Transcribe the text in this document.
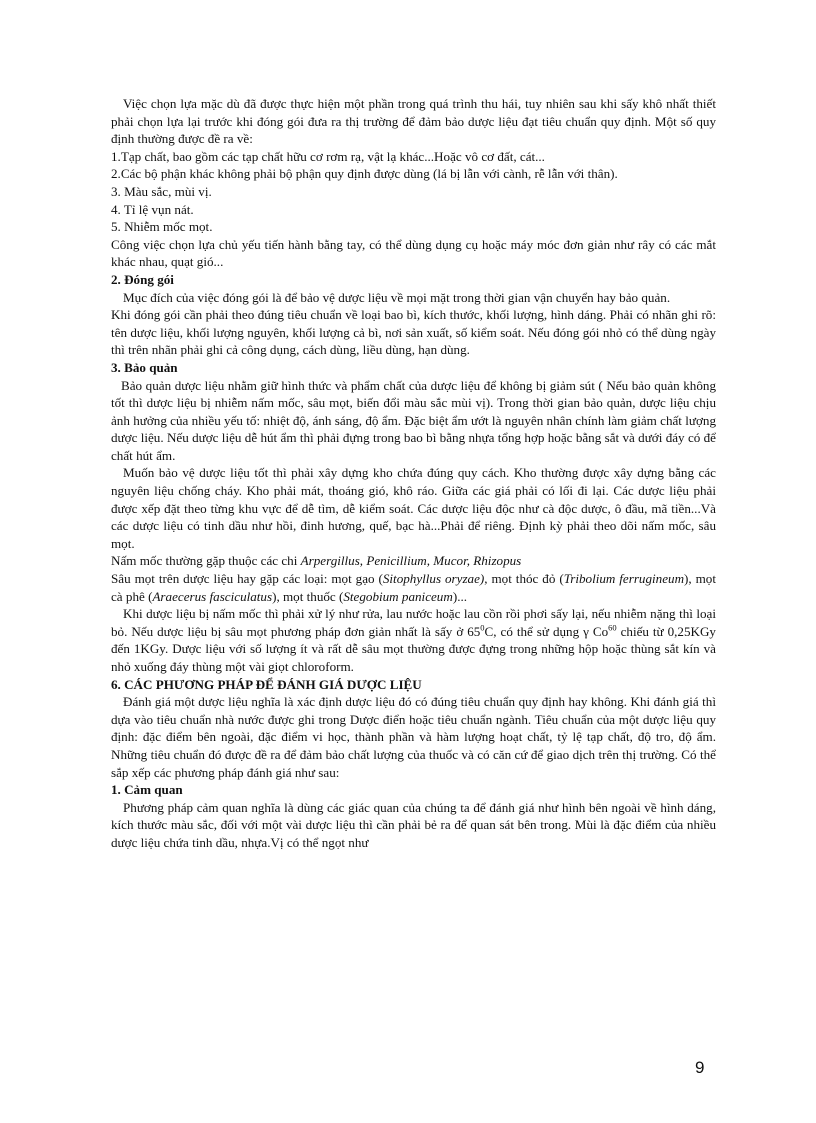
Việc chọn lựa mặc dù đã được thực hiện một phần trong quá trình thu hái, tuy nhiên sau khi sấy khô nhất thiết phải chọn lựa lại trước khi đóng gói đưa ra thị trường để đảm bảo dược liệu đạt tiêu chuẩn quy định. Một số quy định thường được đề ra về:

1.Tạp chất, bao gồm các tạp chất hữu cơ rơm rạ, vật lạ khác...Hoặc vô cơ đất, cát...

2.Các bộ phận khác không phải bộ phận quy định được dùng (lá bị lẫn với cành, rễ lẫn với thân).

3. Màu sắc, mùi vị.

4. Tỉ lệ vụn nát.

5. Nhiễm mốc mọt.

Công việc chọn lựa chủ yếu tiến hành bằng tay, có thể dùng dụng cụ hoặc máy móc đơn giản như rây có các mắt khác nhau, quạt gió...

2. Đóng gói

Mục đích của việc đóng gói là để bảo vệ dược liệu về mọi mặt trong thời gian vận chuyển hay bảo quản.

Khi đóng gói cần phải theo đúng tiêu chuẩn về loại bao bì, kích thước, khối lượng, hình dáng. Phải có nhãn ghi rõ: tên dược liệu, khối lượng nguyên, khối lượng cả bì, nơi sản xuất, số kiểm soát. Nếu đóng gói nhỏ có thể dùng ngày thì trên nhãn phải ghi cả công dụng, cách dùng, liều dùng, hạn dùng.

3. Bảo quản

Bảo quản dược liệu nhằm giữ hình thức và phẩm chất của dược liệu để không bị giảm sút ( Nếu bảo quản không tốt thì dược liệu bị nhiễm nấm mốc, sâu mọt, biến đổi màu sắc mùi vị). Trong thời gian bảo quản, dược liệu chịu ảnh hưởng của nhiều yếu tố: nhiệt độ, ánh sáng, độ ẩm. Đặc biệt ẩm ướt là nguyên nhân chính làm giảm chất lượng dược liệu. Nếu dược liệu dễ hút ẩm thì phải đựng trong bao bì bằng nhựa tổng hợp hoặc bằng sắt và dưới đáy có để chất hút ẩm.

Muốn bảo vệ dược liệu tốt thì phải xây dựng kho chứa đúng quy cách. Kho thường được xây dựng bằng các nguyên liệu chống cháy. Kho phải mát, thoáng gió, khô ráo. Giữa các giá phải có lối đi lại. Các dược liệu phải được xếp đặt theo từng khu vực để dễ tìm, dễ kiểm soát. Các dược liệu độc như cà độc dược, ô đầu, mã tiền...Và các dược liệu có tinh dầu như hồi, đinh hương, quế, bạc hà...Phải để riêng. Định kỳ phải theo dõi nấm mốc, sâu mọt.

Nấm mốc thường gặp thuộc các chi Arpergillus, Penicillium, Mucor, Rhizopus

Sâu mọt trên dược liệu hay gặp các loại: mọt gạo (Sitophyllus oryzae), mọt thóc đỏ (Tribolium ferrugineum), mọt cà phê (Araecerus fasciculatus), mọt thuốc (Stegobium paniceum)...

Khi dược liệu bị nấm mốc thì phải xử lý như rửa, lau nước hoặc lau cồn rồi phơi sấy lại, nếu nhiễm nặng thì loại bỏ. Nếu dược liệu bị sâu mọt phương pháp đơn giản nhất là sấy ở $65^0C$, có thể sử dụng γ Co$^{60}$ chiếu từ 0,25KGy đến 1KGy. Dược liệu với số lượng ít và rất dễ sâu mọt thường được đựng trong những hộp hoặc thùng sắt kín và nhỏ xuống đáy thùng một vài giọt chloroform.

6. CÁC PHƯƠNG PHÁP ĐỂ ĐÁNH GIÁ DƯỢC LIỆU

Đánh giá một dược liệu nghĩa là xác định dược liệu đó có đúng tiêu chuẩn quy định hay không. Khi đánh giá thì dựa vào tiêu chuẩn nhà nước được ghi trong Dược điển hoặc tiêu chuẩn ngành. Tiêu chuẩn của một dược liệu quy định: đặc điểm bên ngoài, đặc điểm vi học, thành phần và hàm lượng hoạt chất, tỷ lệ tạp chất, độ tro, độ ẩm. Những tiêu chuẩn đó được đề ra để đảm bảo chất lượng của thuốc và có căn cứ để giao dịch trên thị trường. Có thể sắp xếp các phương pháp đánh giá như sau:

1. Cảm quan

Phương pháp cảm quan nghĩa là dùng các giác quan của chúng ta để đánh giá như hình bên ngoài về hình dáng, kích thước màu sắc, đối với một vài dược liệu thì cần phải bẻ ra để quan sát bên trong. Mùi là đặc điểm của nhiều dược liệu chứa tinh dầu, nhựa.Vị có thể ngọt như

9
